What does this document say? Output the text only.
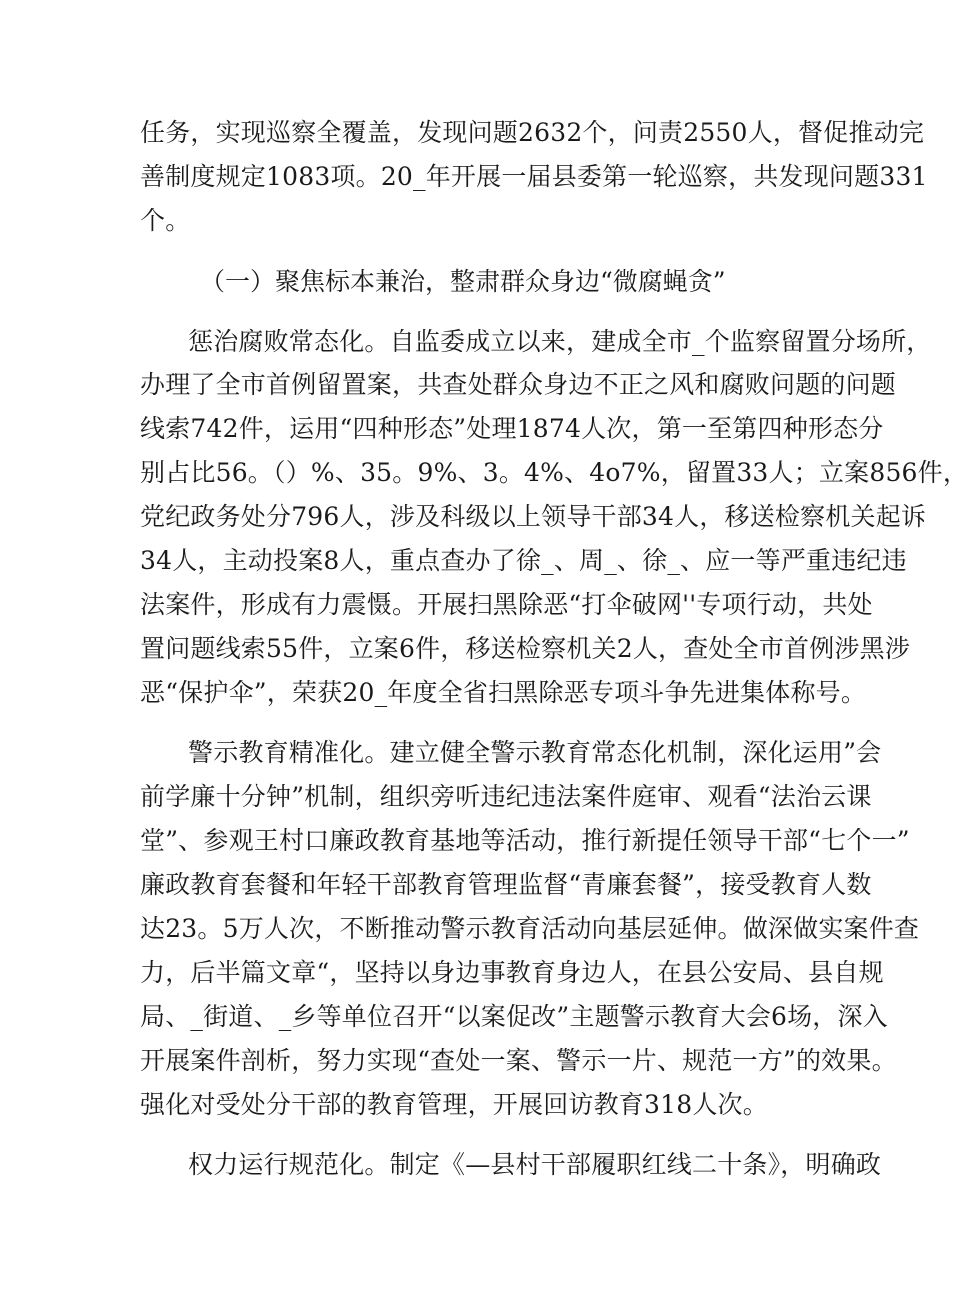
任务，实现巡察全覆盖，发现问题2632个，问责2550人，督促推动完
善制度规定1083项。20_年开展一届县委第一轮巡察，共发现问题331
个。
（一）聚焦标本兼治，整肃群众身边“微腐蝇贪”
惩治腐败常态化。自监委成立以来，建成全市_个监察留置分场所，
办理了全市首例留置案，共查处群众身边不正之风和腐败问题的问题
线索742件，运用“四种形态”处理1874人次，第一至第四种形态分
别占比56。（）%、35。9%、3。4%、4o7%，留置33人；立案856件，
党纪政务处分796人，涉及科级以上领导干部34人，移送检察机关起诉
34人，主动投案8人，重点查办了徐_、周_、徐_、应一等严重违纪违
法案件，形成有力震慑。开展扫黑除恶“打伞破网''专项行动，共处
置问题线索55件，立案6件，移送检察机关2人，查处全市首例涉黑涉
恶“保护伞”，荣获20_年度全省扫黑除恶专项斗争先进集体称号。
警示教育精准化。建立健全警示教育常态化机制，深化运用”会
前学廉十分钟”机制，组织旁听违纪违法案件庭审、观看“法治云课
堂”、参观王村口廉政教育基地等活动，推行新提任领导干部“七个一”
廉政教育套餐和年轻干部教育管理监督“青廉套餐”，接受教育人数
达23。5万人次，不断推动警示教育活动向基层延伸。做深做实案件查
力，后半篇文章“，坚持以身边事教育身边人，在县公安局、县自规
局、_街道、_乡等单位召开“以案促改”主题警示教育大会6场，深入
开展案件剖析，努力实现“查处一案、警示一片、规范一方”的效果。
强化对受处分干部的教育管理，开展回访教育318人次。
权力运行规范化。制定《—县村干部履职红线二十条》，明确政
